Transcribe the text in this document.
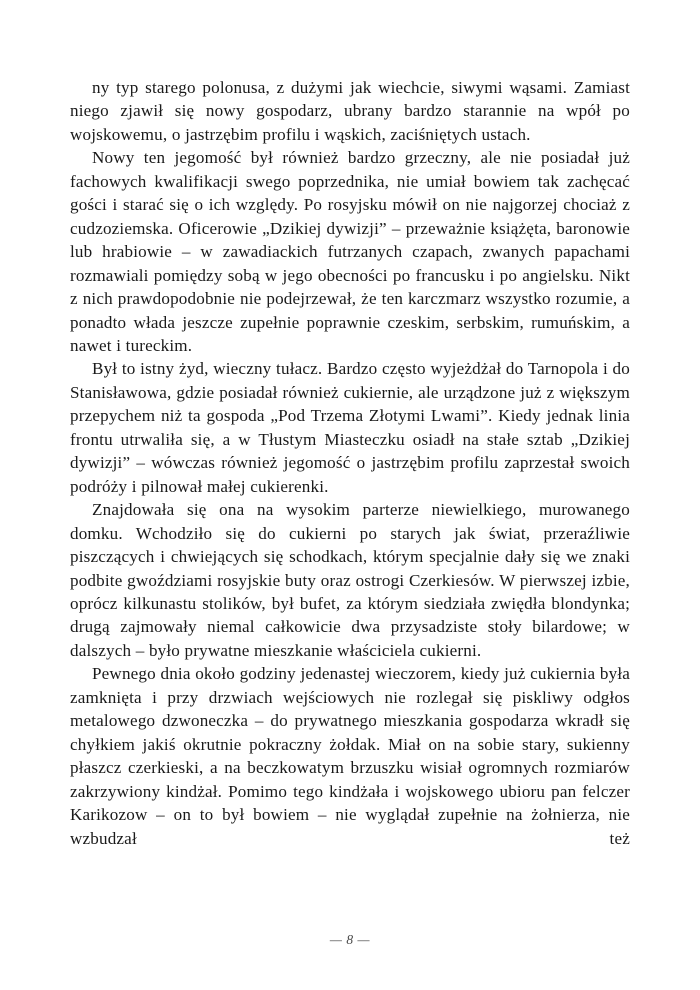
ny typ starego polonusa, z dużymi jak wiechcie, siwymi wąsami. Zamiast niego zjawił się nowy gospodarz, ubrany bardzo starannie na wpół po wojskowemu, o jastrzębim profilu i wąskich, zaciśniętych ustach.

Nowy ten jegomość był również bardzo grzeczny, ale nie posiadał już fachowych kwalifikacji swego poprzednika, nie umiał bowiem tak zachęcać gości i starać się o ich względy. Po rosyjsku mówił on nie najgorzej chociaż z cudzoziemska. Oficerowie „Dzikiej dywizji” – przeważnie książęta, baronowie lub hrabiowie – w zawadiackich futrzanych czapach, zwanych papachami rozmawiali pomiędzy sobą w jego obecności po francusku i po angielsku. Nikt z nich prawdopodobnie nie podejrzewał, że ten karczmarz wszystko rozumie, a ponadto włada jeszcze zupełnie poprawnie czeskim, serbskim, rumuńskim, a nawet i tureckim.

Był to istny żyd, wieczny tułacz. Bardzo często wyjeżdżał do Tarnopola i do Stanisławowa, gdzie posiadał również cukiernie, ale urządzone już z większym przepychem niż ta gospoda „Pod Trzema Złotymi Lwami”. Kiedy jednak linia frontu utrwaliła się, a w Tłustym Miasteczku osiadł na stałe sztab „Dzikiej dywizji” – wówczas również jegomość o jastrzębim profilu zaprzestał swoich podróży i pilnował małej cukierenki.

Znajdowała się ona na wysokim parterze niewielkiego, murowanego domku. Wchodziło się do cukierni po starych jak świat, przeraźliwie piszczących i chwiejących się schodkach, którym specjalnie dały się we znaki podbite gwoździami rosyjskie buty oraz ostrogi Czerkiesów. W pierwszej izbie, oprócz kilkunastu stolików, był bufet, za którym siedziała zwiędła blondynka; drugą zajmowały niemal całkowicie dwa przysadziste stoły bilardowe; w dalszych – było prywatne mieszkanie właściciela cukierni.

Pewnego dnia około godziny jedenastej wieczorem, kiedy już cukiernia była zamknięta i przy drzwiach wejściowych nie rozlegał się piskliwy odgłos metalowego dzwoneczka – do prywatnego mieszkania gospodarza wkradł się chyłkiem jakiś okrutnie pokraczny żołdak. Miał on na sobie stary, sukienny płaszcz czerkieski, a na beczkowatym brzuszku wisiał ogromnych rozmiarów zakrzywiony kindżał. Pomimo tego kindżała i wojskowego ubioru pan felczer Karikozow – on to był bowiem – nie wyglądał zupełnie na żołnierza, nie wzbudzał też

— 8 —
